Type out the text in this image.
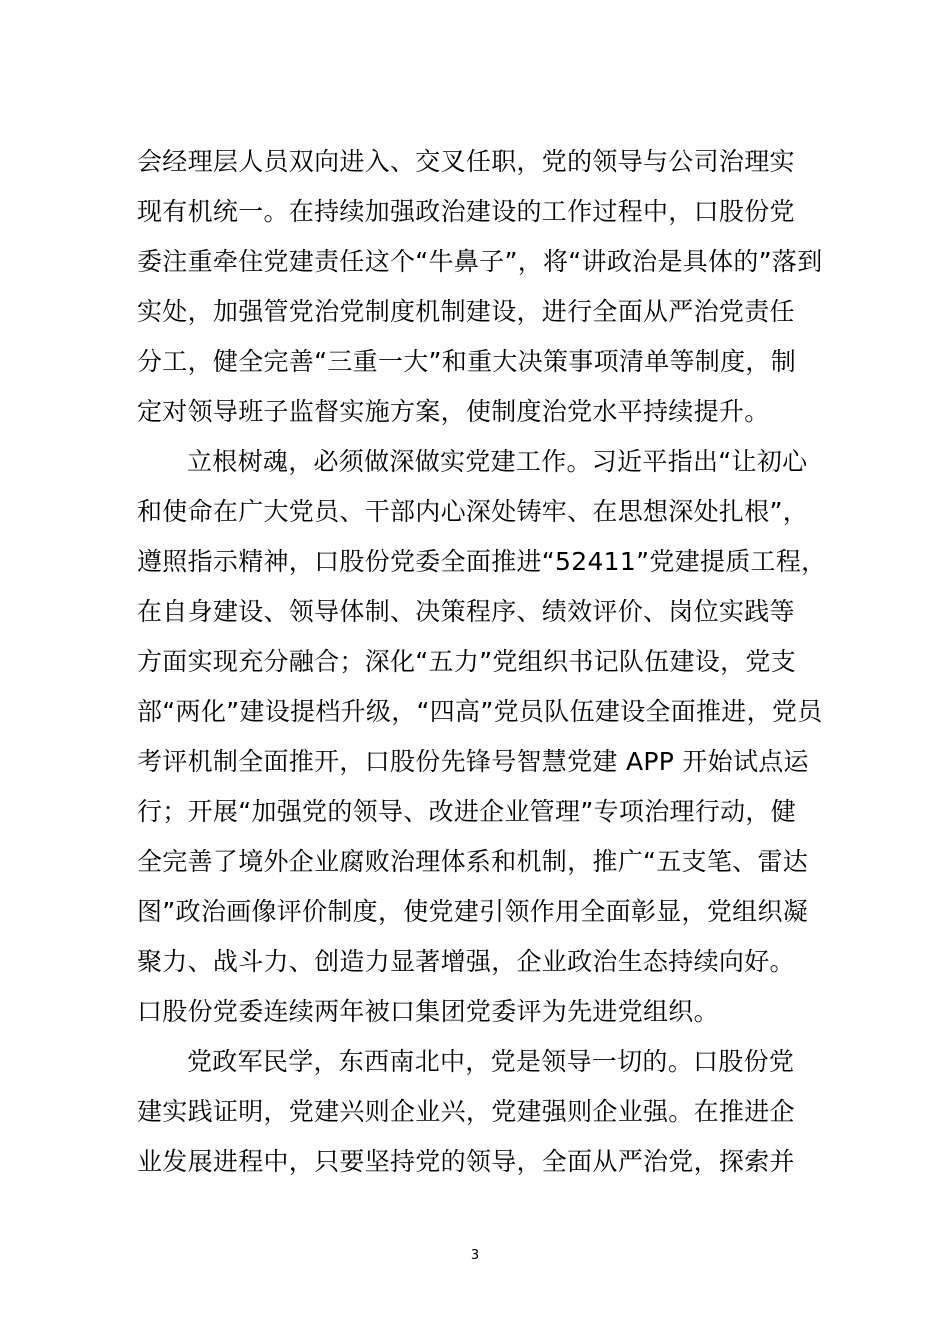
会经理层人员双向进入、交叉任职，党的领导与公司治理实
现有机统一。在持续加强政治建设的工作过程中，口股份党
委注重牵住党建责任这个“牛鼻子”，将“讲政治是具体的”落到
实处，加强管党治党制度机制建设，进行全面从严治党责任
分工，健全完善“三重一大”和重大决策事项清单等制度，制
定对领导班子监督实施方案，使制度治党水平持续提升。
立根树魂，必须做深做实党建工作。习近平指出“让初心
和使命在广大党员、干部内心深处铸牢、在思想深处扎根”，
遵照指示精神，口股份党委全面推进“52411”党建提质工程，
在自身建设、领导体制、决策程序、绩效评价、岗位实践等
方面实现充分融合；深化“五力”党组织书记队伍建设，党支
部“两化”建设提档升级，“四高”党员队伍建设全面推进，党员
考评机制全面推开，口股份先锋号智慧党建 APP 开始试点运
行；开展“加强党的领导、改进企业管理”专项治理行动，健
全完善了境外企业腐败治理体系和机制，推广“五支笔、雷达
图”政治画像评价制度，使党建引领作用全面彰显，党组织凝
聚力、战斗力、创造力显著增强，企业政治生态持续向好。
口股份党委连续两年被口集团党委评为先进党组织。
党政军民学，东西南北中，党是领导一切的。口股份党
建实践证明，党建兴则企业兴，党建强则企业强。在推进企
业发展进程中，只要坚持党的领导，全面从严治党，探索并
3
